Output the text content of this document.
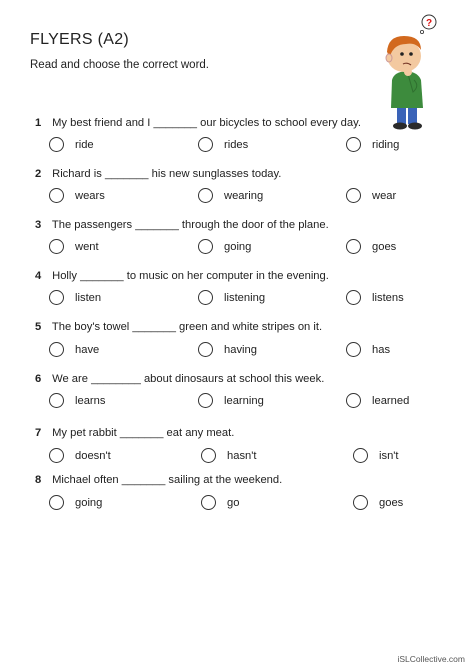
FLYERS (A2)
Read and choose the correct word.
?
1 My best friend and I _______ our bicycles to school every day.
ride	rides	riding
2 Richard is _______ his new sunglasses today.
wears	wearing	wear
3 The passengers _______ through the door of the plane.
went	going	goes
4 Holly _______ to music on her computer in the evening.
listen	listening	listens
5 The boy's towel _______ green and white stripes on it.
have	having	has
6 We are ________ about dinosaurs at school this week.
learns	learning	learned
7 My pet rabbit _______ eat any meat.
doesn't	hasn't	isn't
8 Michael often _______ sailing at the weekend.
going	go	goes
iSLCollective.com
